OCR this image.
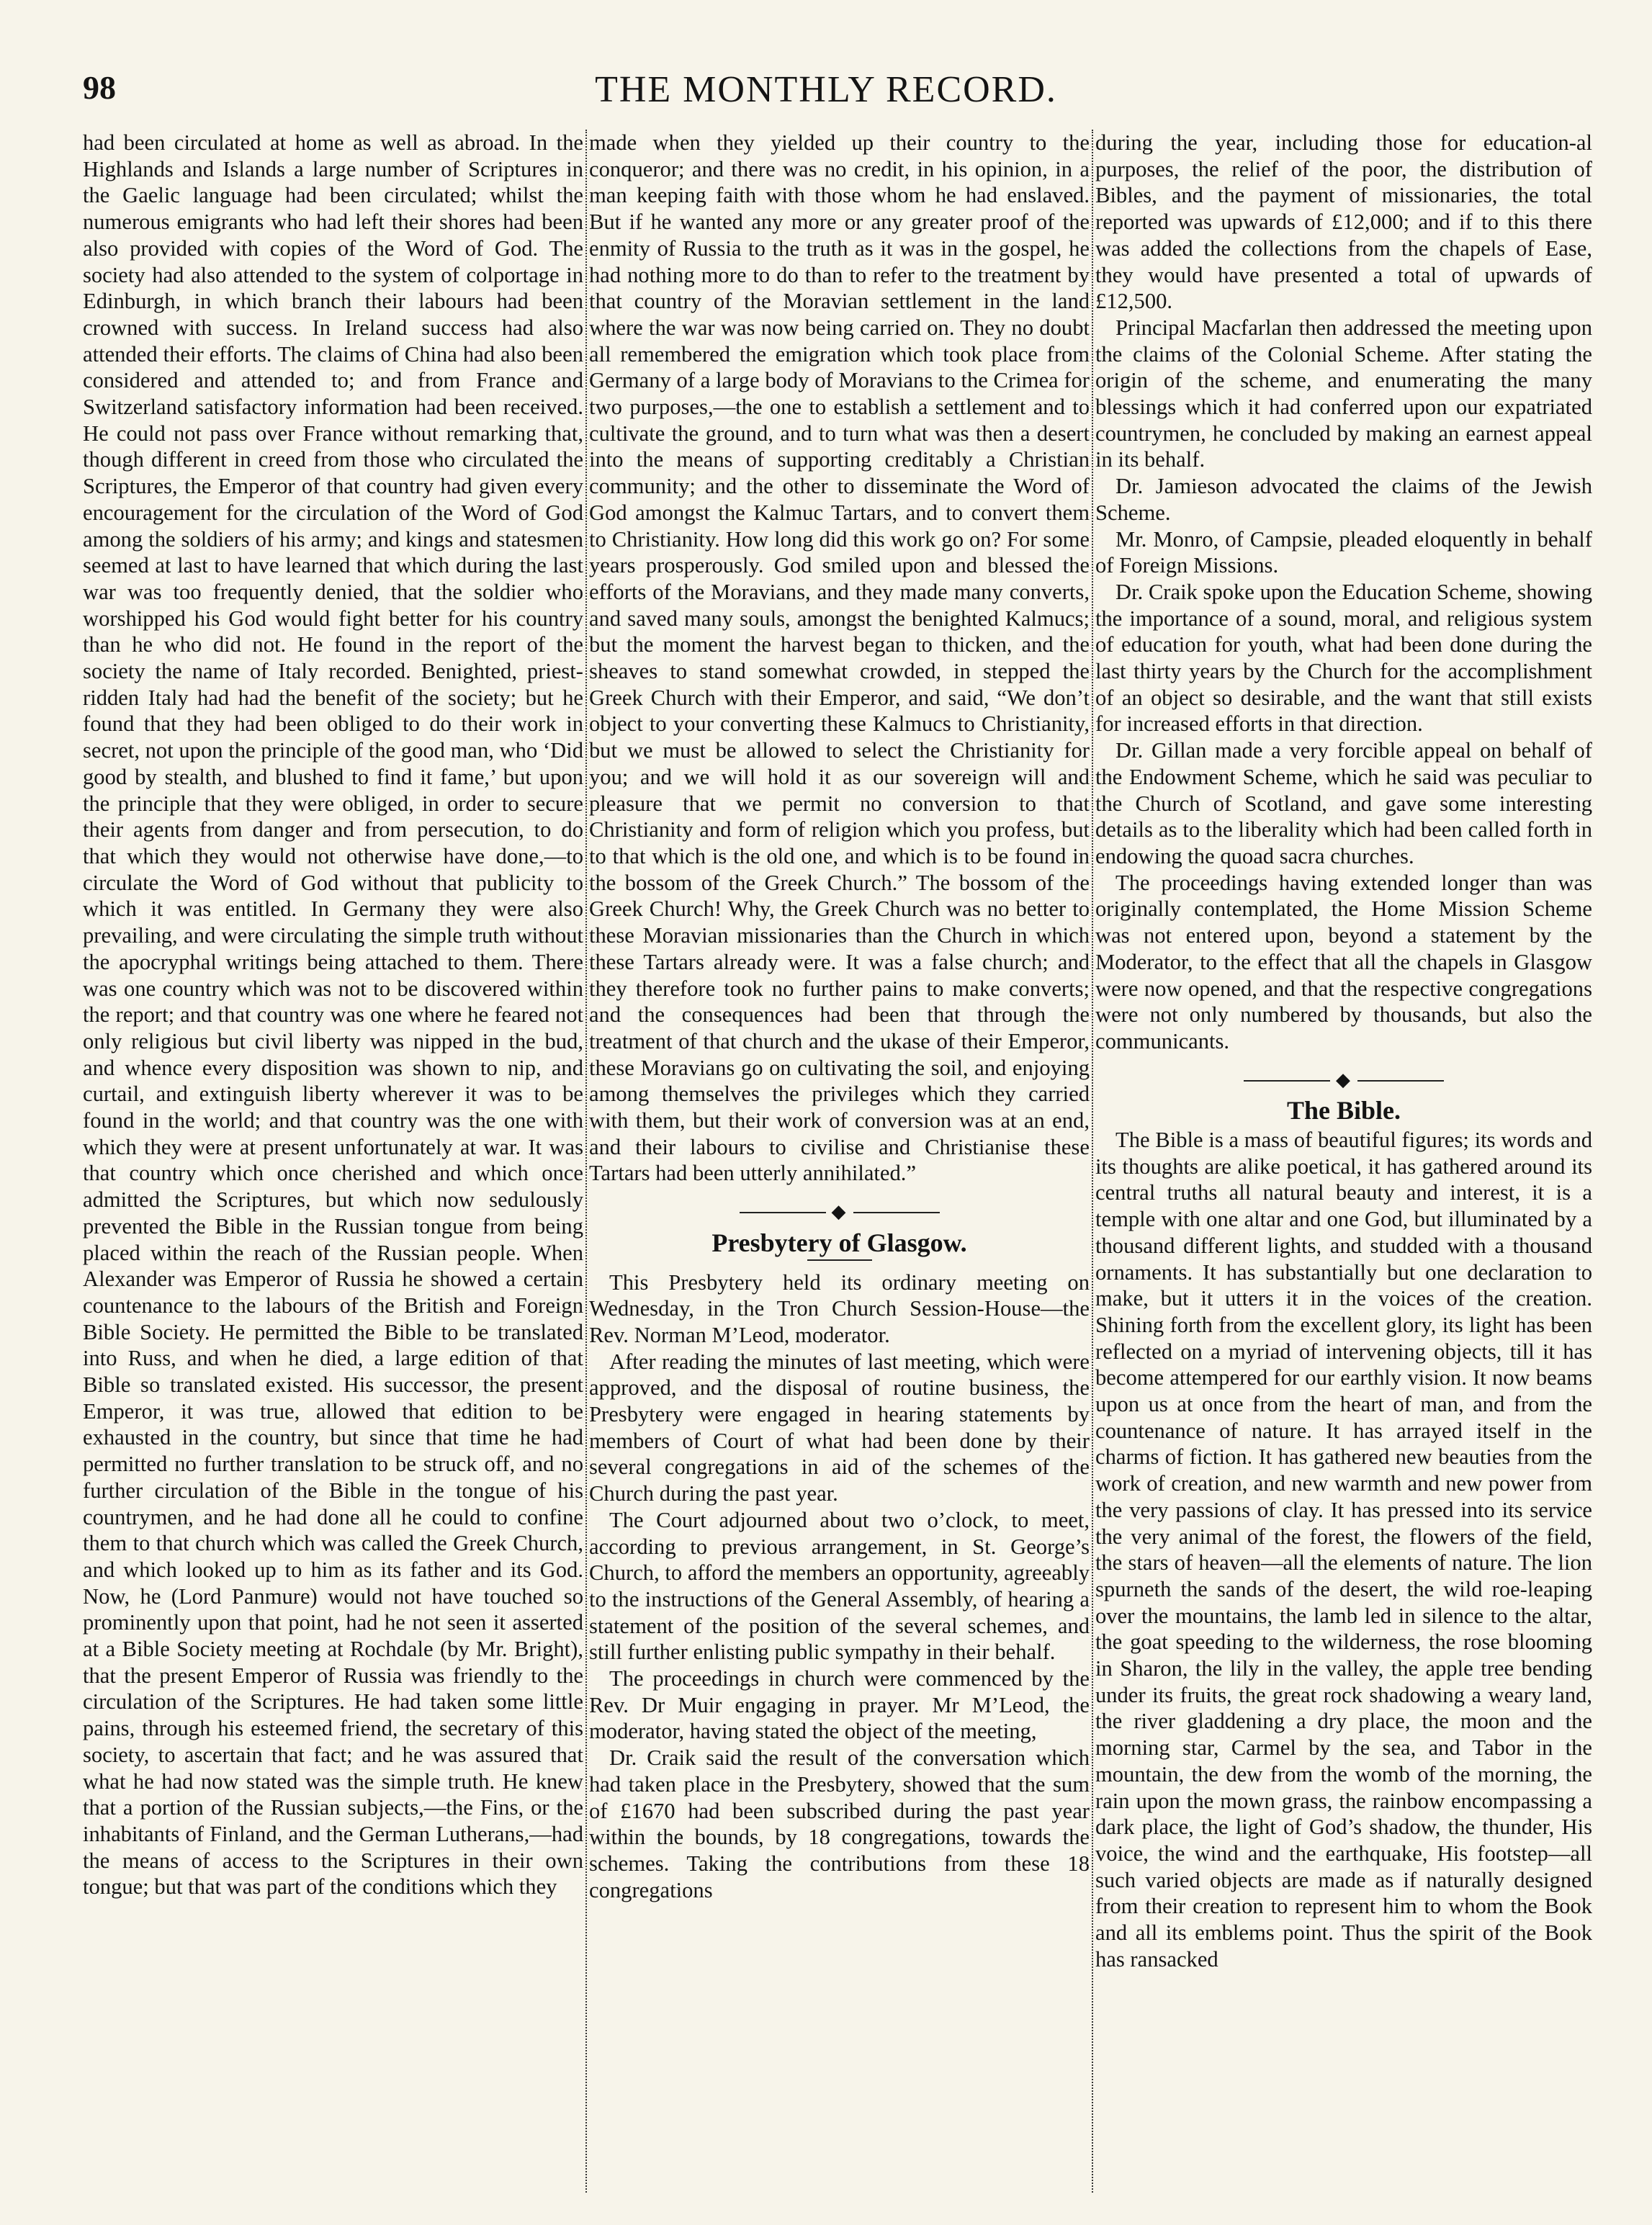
98	THE MONTHLY RECORD.

had been circulated at home as well as abroad. In the Highlands and Islands a large number of Scriptures in the Gaelic language had been circulated; whilst the numerous emigrants who had left their shores had been also provided with copies of the Word of God. The society had also attended to the system of colportage in Edinburgh, in which branch their labours had been crowned with success. In Ireland success had also attended their efforts. The claims of China had also been considered and attended to; and from France and Switzerland satisfactory information had been received. He could not pass over France without remarking that, though different in creed from those who circulated the Scriptures, the Emperor of that country had given every encouragement for the circulation of the Word of God among the soldiers of his army; and kings and statesmen seemed at last to have learned that which during the last war was too frequently denied, that the soldier who worshipped his God would fight better for his country than he who did not. He found in the report of the society the name of Italy recorded. Benighted, priest-ridden Italy had had the benefit of the society; but he found that they had been obliged to do their work in secret, not upon the principle of the good man, who ‘Did good by stealth, and blushed to find it fame,’ but upon the principle that they were obliged, in order to secure their agents from danger and from persecution, to do that which they would not otherwise have done,—to circulate the Word of God without that publicity to which it was entitled. In Germany they were also prevailing, and were circulating the simple truth without the apocryphal writings being attached to them. There was one country which was not to be discovered within the report; and that country was one where he feared not only religious but civil liberty was nipped in the bud, and whence every disposition was shown to nip, and curtail, and extinguish liberty wherever it was to be found in the world; and that country was the one with which they were at present unfortunately at war. It was that country which once cherished and which once admitted the Scriptures, but which now sedulously prevented the Bible in the Russian tongue from being placed within the reach of the Russian people. When Alexander was Emperor of Russia he showed a certain countenance to the labours of the British and Foreign Bible Society. He permitted the Bible to be translated into Russ, and when he died, a large edition of that Bible so translated existed. His successor, the present Emperor, it was true, allowed that edition to be exhausted in the country, but since that time he had permitted no further translation to be struck off, and no further circulation of the Bible in the tongue of his countrymen, and he had done all he could to confine them to that church which was called the Greek Church, and which looked up to him as its father and its God. Now, he (Lord Panmure) would not have touched so prominently upon that point, had he not seen it asserted at a Bible Society meeting at Rochdale (by Mr. Bright), that the present Emperor of Russia was friendly to the circulation of the Scriptures. He had taken some little pains, through his esteemed friend, the secretary of this society, to ascertain that fact; and he was assured that what he had now stated was the simple truth. He knew that a portion of the Russian subjects,—the Fins, or the inhabitants of Finland, and the German Lutherans,—had the means of access to the Scriptures in their own tongue; but that was part of the conditions which they

made when they yielded up their country to the conqueror; and there was no credit, in his opinion, in a man keeping faith with those whom he had enslaved. But if he wanted any more or any greater proof of the enmity of Russia to the truth as it was in the gospel, he had nothing more to do than to refer to the treatment by that country of the Moravian settlement in the land where the war was now being carried on. They no doubt all remembered the emigration which took place from Germany of a large body of Moravians to the Crimea for two purposes,—the one to establish a settlement and to cultivate the ground, and to turn what was then a desert into the means of supporting creditably a Christian community; and the other to disseminate the Word of God amongst the Kalmuc Tartars, and to convert them to Christianity. How long did this work go on? For some years prosperously. God smiled upon and blessed the efforts of the Moravians, and they made many converts, and saved many souls, amongst the benighted Kalmucs; but the moment the harvest began to thicken, and the sheaves to stand somewhat crowded, in stepped the Greek Church with their Emperor, and said, “We don’t object to your converting these Kalmucs to Christianity, but we must be allowed to select the Christianity for you; and we will hold it as our sovereign will and pleasure that we permit no conversion to that Christianity and form of religion which you profess, but to that which is the old one, and which is to be found in the bossom of the Greek Church.” The bossom of the Greek Church! Why, the Greek Church was no better to these Moravian missionaries than the Church in which these Tartars already were. It was a false church; and they therefore took no further pains to make converts; and the consequences had been that through the treatment of that church and the ukase of their Emperor, these Moravians go on cultivating the soil, and enjoying among themselves the privileges which they carried with them, but their work of conversion was at an end, and their labours to civilise and Christianise these Tartars had been utterly annihilated.”

◆
Presbytery of Glasgow.

This Presbytery held its ordinary meeting on Wednesday, in the Tron Church Session-House—the Rev. Norman M’Leod, moderator.

After reading the minutes of last meeting, which were approved, and the disposal of routine business, the Presbytery were engaged in hearing statements by members of Court of what had been done by their several congregations in aid of the schemes of the Church during the past year.

The Court adjourned about two o’clock, to meet, according to previous arrangement, in St. George’s Church, to afford the members an opportunity, agreeably to the instructions of the General Assembly, of hearing a statement of the position of the several schemes, and still further enlisting public sympathy in their behalf.

The proceedings in church were commenced by the Rev. Dr Muir engaging in prayer. Mr M’Leod, the moderator, having stated the object of the meeting,

Dr. Craik said the result of the conversation which had taken place in the Presbytery, showed that the sum of £1670 had been subscribed during the past year within the bounds, by 18 congregations, towards the schemes. Taking the contributions from these 18 congregations

during the year, including those for education-al purposes, the relief of the poor, the distribution of Bibles, and the payment of missionaries, the total reported was upwards of £12,000; and if to this there was added the collections from the chapels of Ease, they would have presented a total of upwards of £12,500.

Principal Macfarlan then addressed the meeting upon the claims of the Colonial Scheme. After stating the origin of the scheme, and enumerating the many blessings which it had conferred upon our expatriated countrymen, he concluded by making an earnest appeal in its behalf.

Dr. Jamieson advocated the claims of the Jewish Scheme.

Mr. Monro, of Campsie, pleaded eloquently in behalf of Foreign Missions.

Dr. Craik spoke upon the Education Scheme, showing the importance of a sound, moral, and religious system of education for youth, what had been done during the last thirty years by the Church for the accomplishment of an object so desirable, and the want that still exists for increased efforts in that direction.

Dr. Gillan made a very forcible appeal on behalf of the Endowment Scheme, which he said was peculiar to the Church of Scotland, and gave some interesting details as to the liberality which had been called forth in endowing the quoad sacra churches.

The proceedings having extended longer than was originally contemplated, the Home Mission Scheme was not entered upon, beyond a statement by the Moderator, to the effect that all the chapels in Glasgow were now opened, and that the respective congregations were not only numbered by thousands, but also the communicants.

◆
The Bible.

The Bible is a mass of beautiful figures; its words and its thoughts are alike poetical, it has gathered around its central truths all natural beauty and interest, it is a temple with one altar and one God, but illuminated by a thousand different lights, and studded with a thousand ornaments. It has substantially but one declaration to make, but it utters it in the voices of the creation. Shining forth from the excellent glory, its light has been reflected on a myriad of intervening objects, till it has become attempered for our earthly vision. It now beams upon us at once from the heart of man, and from the countenance of nature. It has arrayed itself in the charms of fiction. It has gathered new beauties from the work of creation, and new warmth and new power from the very passions of clay. It has pressed into its service the very animal of the forest, the flowers of the field, the stars of heaven—all the elements of nature. The lion spurneth the sands of the desert, the wild roe-leaping over the mountains, the lamb led in silence to the altar, the goat speeding to the wilderness, the rose blooming in Sharon, the lily in the valley, the apple tree bending under its fruits, the great rock shadowing a weary land, the river gladdening a dry place, the moon and the morning star, Carmel by the sea, and Tabor in the mountain, the dew from the womb of the morning, the rain upon the mown grass, the rainbow encompassing a dark place, the light of God’s shadow, the thunder, His voice, the wind and the earthquake, His footstep—all such varied objects are made as if naturally designed from their creation to represent him to whom the Book and all its emblems point. Thus the spirit of the Book has ransacked
